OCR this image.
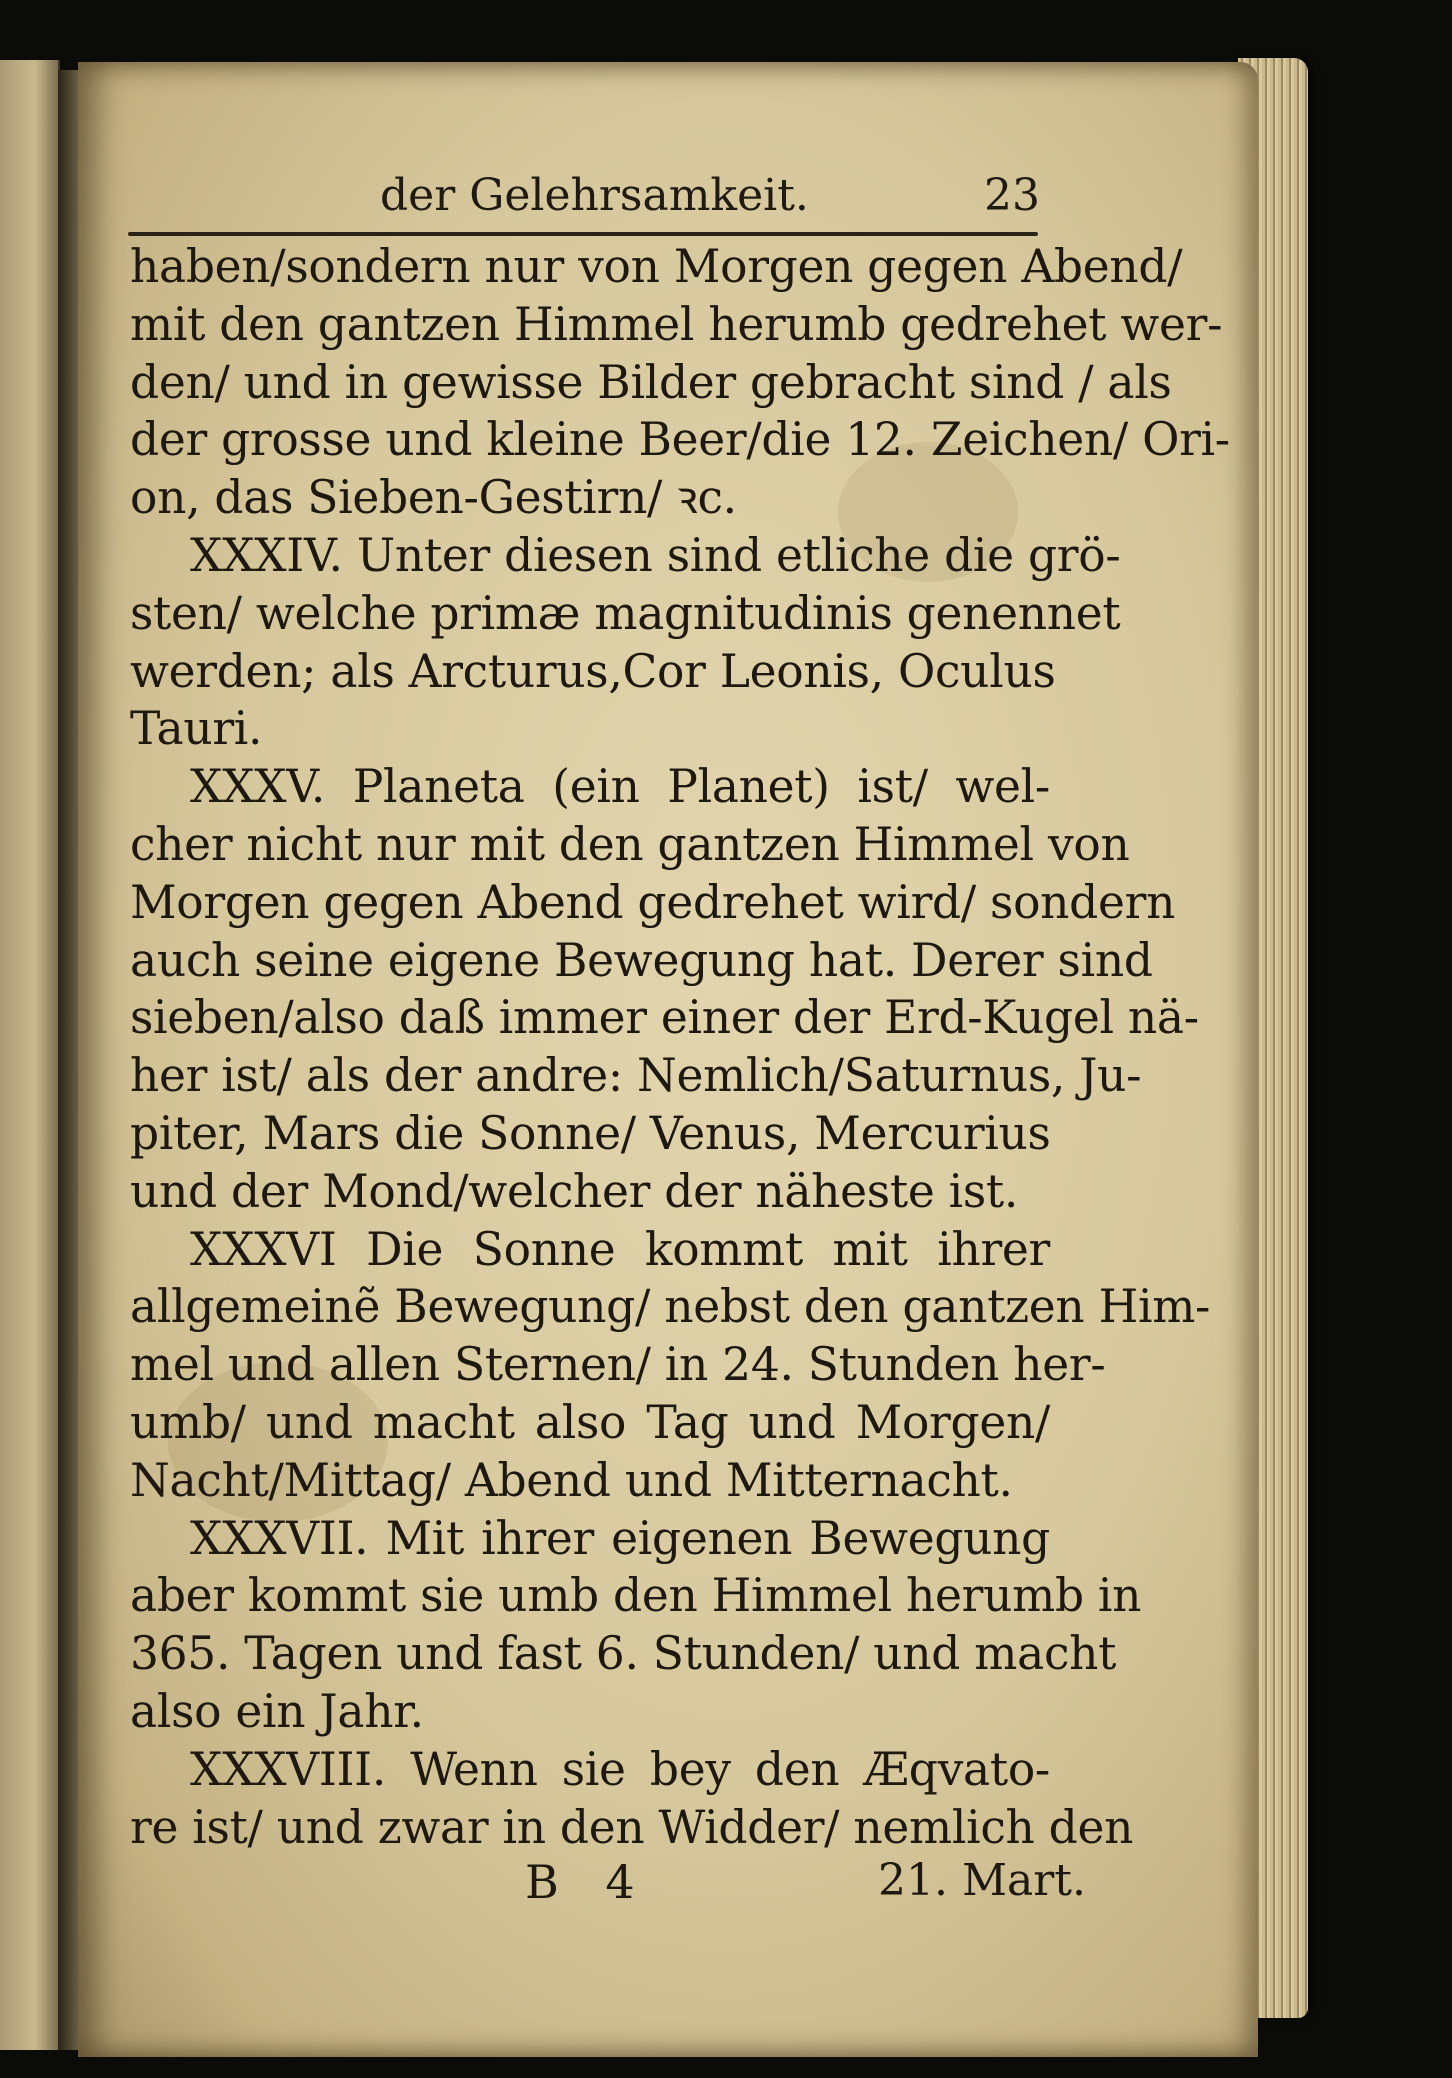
der Gelehrsamkeit.	23
haben/sondern nur von Morgen gegen Abend/
mit den gantzen Himmel herumb gedrehet wer-
den/ und in gewisse Bilder gebracht sind / als
der grosse und kleine Beer/die 12. Zeichen/ Ori-
on, das Sieben-Gestirn/ ꝛc.
XXXIV. Unter diesen sind etliche die grö-
sten/ welche primæ magnitudinis genennet
werden; als Arcturus,Cor Leonis, Oculus
Tauri.
XXXV. Planeta (ein Planet) ist/ wel-
cher nicht nur mit den gantzen Himmel von
Morgen gegen Abend gedrehet wird/ sondern
auch seine eigene Bewegung hat. Derer sind
sieben/also daß immer einer der Erd-Kugel nä-
her ist/ als der andre: Nemlich/Saturnus, Ju-
piter, Mars die Sonne/ Venus, Mercurius
und der Mond/welcher der näheste ist.
XXXVI Die Sonne kommt mit ihrer
allgemeinẽ Bewegung/ nebst den gantzen Him-
mel und allen Sternen/ in 24. Stunden her-
umb/ und macht also Tag und Morgen/
Nacht/Mittag/ Abend und Mitternacht.
XXXVII. Mit ihrer eigenen Bewegung
aber kommt sie umb den Himmel herumb in
365. Tagen und fast 6. Stunden/ und macht
also ein Jahr.
XXXVIII. Wenn sie bey den Æqvato-
re ist/ und zwar in den Widder/ nemlich den
B 4	21. Mart.
